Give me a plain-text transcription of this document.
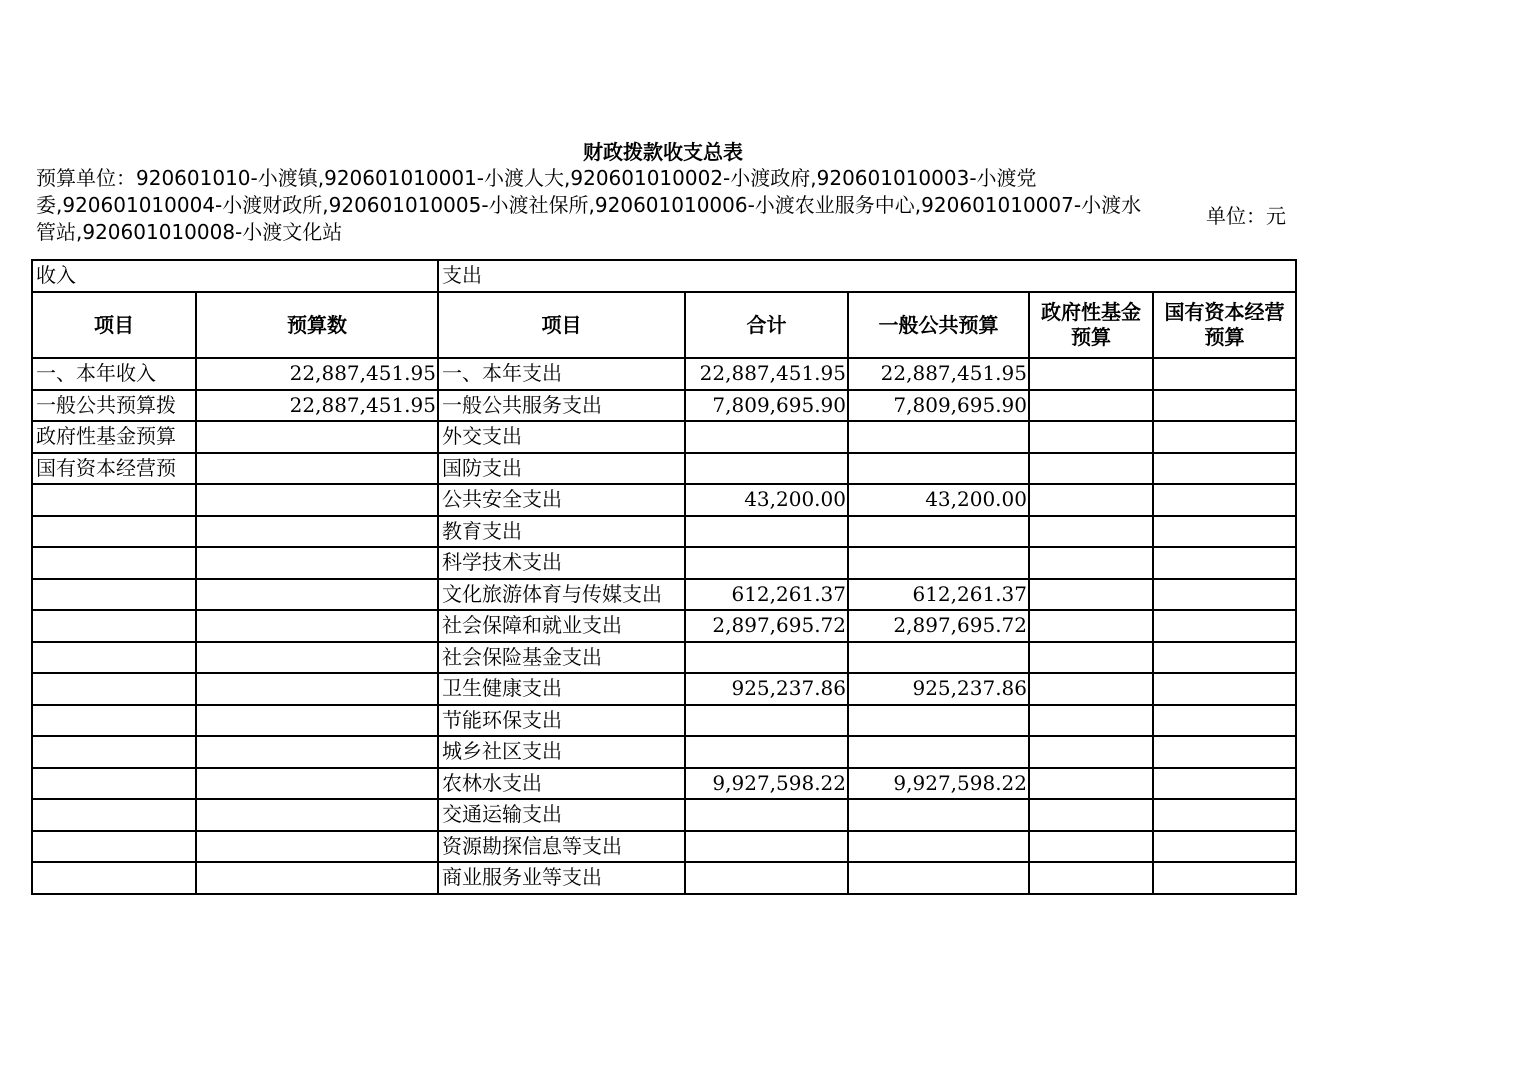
财政拨款收支总表
预算单位：920601010-小渡镇,920601010001-小渡人大,920601010002-小渡政府,920601010003-小渡党委,920601010004-小渡财政所,920601010005-小渡社保所,920601010006-小渡农业服务中心,920601010007-小渡水管站,920601010008-小渡文化站
单位：元
收入		支出				
项目	预算数	项目	合计	一般公共预算	政府性基金预算	国有资本经营预算
一、本年收入	22,887,451.95	一、本年支出	22,887,451.95	22,887,451.95		
一般公共预算拨	22,887,451.95	一般公共服务支出	7,809,695.90	7,809,695.90		
政府性基金预算		外交支出				
国有资本经营预		国防支出				
		公共安全支出	43,200.00	43,200.00		
		教育支出				
		科学技术支出				
		文化旅游体育与传媒支出	612,261.37	612,261.37		
		社会保障和就业支出	2,897,695.72	2,897,695.72		
		社会保险基金支出				
		卫生健康支出	925,237.86	925,237.86		
		节能环保支出				
		城乡社区支出				
		农林水支出	9,927,598.22	9,927,598.22		
		交通运输支出				
		资源勘探信息等支出				
		商业服务业等支出				
